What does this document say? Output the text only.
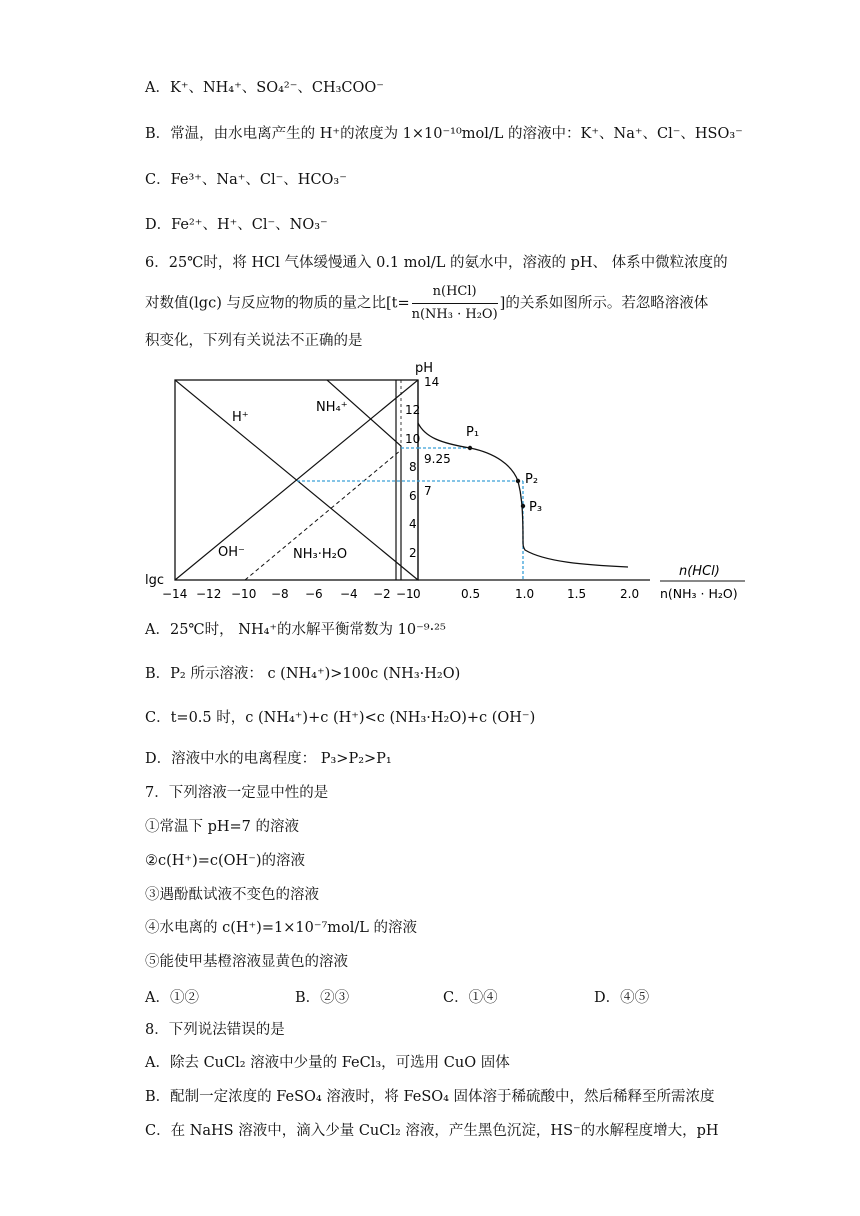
A．K⁺、NH₄⁺、SO₄²⁻、CH₃COO⁻
B．常温，由水电离产生的 H⁺的浓度为 1×10⁻¹⁰mol/L 的溶液中：K⁺、Na⁺、Cl⁻、HSO₃⁻
C．Fe³⁺、Na⁺、Cl⁻、HCO₃⁻
D．Fe²⁺、H⁺、Cl⁻、NO₃⁻
6．25℃时，将 HCl 气体缓慢通入 0.1 mol/L 的氨水中，溶液的 pH、 体系中微粒浓度的
对数值(lgc) 与反应物的物质的量之比[$t= \frac{\text{n(HCl)}}{\text{n(NH₃ · H₂O)}}$ ]的关系如图所示。若忽略溶液体
积变化，下列有关说法不正确的是
H⁺
NH₄⁺
OH⁻	NH₃·H₂O
lgc
−14 −12 −10 −8 −6 −4 −2 −1 0
pH
14
12
10
8
9.25
7
6
4
2
0.5	1.0	1.5	2.0
P₁
P₂
P₃
n(HCl)
n(NH₃ · H₂O)
A．25℃时， NH₄⁺的水解平衡常数为 10⁻⁹·²⁵
B．P₂ 所示溶液： c (NH₄⁺)>100c (NH₃·H₂O)
C．t=0.5 时，c (NH₄⁺)+c (H⁺)<c (NH₃·H₂O)+c (OH⁻)
D．溶液中水的电离程度： P₃>P₂>P₁
7．下列溶液一定显中性的是
①常温下 pH=7 的溶液
②c(H⁺)=c(OH⁻)的溶液
③遇酚酞试液不变色的溶液
④水电离的 c(H⁺)=1×10⁻⁷mol/L 的溶液
⑤能使甲基橙溶液显黄色的溶液
A．①②	B．②③	C．①④	D．④⑤
8．下列说法错误的是
A．除去 CuCl₂ 溶液中少量的 FeCl₃，可选用 CuO 固体
B．配制一定浓度的 FeSO₄ 溶液时，将 FeSO₄ 固体溶于稀硫酸中，然后稀释至所需浓度
C．在 NaHS 溶液中，滴入少量 CuCl₂ 溶液，产生黑色沉淀，HS⁻的水解程度增大，pH
